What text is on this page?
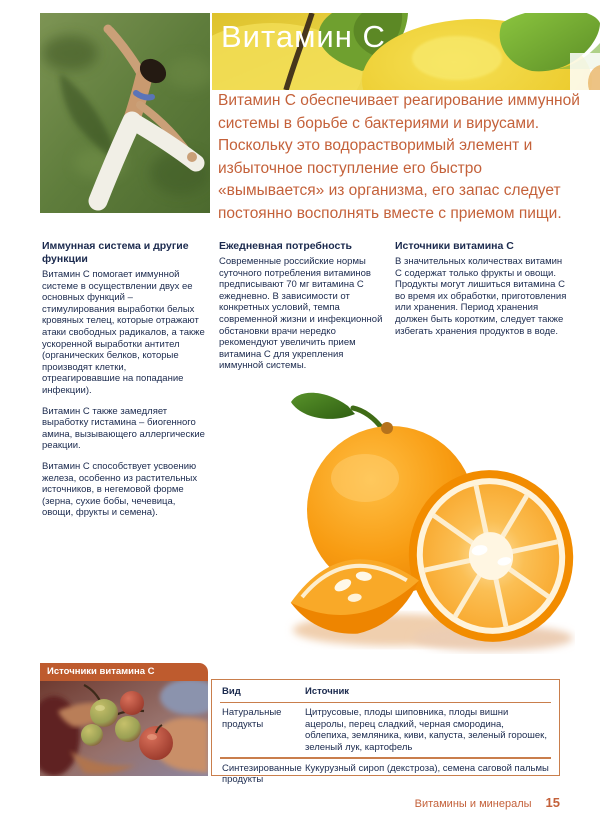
Витамин С

Витамин С обеспечивает реагирование иммунной системы в борьбе с бактериями и вирусами. Поскольку это водорастворимый элемент и избыточное поступление его быстро «вымывается» из организма, его запас следует постоянно восполнять вместе с приемом пищи.

Иммунная система и другие функции

Витамин С помогает иммунной системе в осуществлении двух ее основных функций – стимулирования выработки белых кровяных телец, которые отражают атаки свободных радикалов, а также ускоренной выработки антител (органических белков, которые производят клетки, отреагировавшие на попадание инфекции).

Витамин С также замедляет выработку гистамина – биогенного амина, вызывающего аллергические реакции.

Витамин С способствует усвоению железа, особенно из растительных источников, в негемовой форме (зерна, сухие бобы, чечевица, овощи, фрукты и семена).

Ежедневная потребность

Современные российские нормы суточного потребления витаминов предписывают 70 мг витамина С ежедневно. В зависимости от конкретных условий, темпа современной жизни и инфекционной обстановки врачи нередко рекомендуют увеличить прием витамина С для укрепления иммунной системы.

Источники витамина С

В значительных количествах витамин С содержат только фрукты и овощи. Продукты могут лишиться витамина С во время их обработки, приготовления или хранения. Период хранения должен быть коротким, следует также избегать хранения продуктов в воде.

Источники витамина С
Вид	Источник
Натуральные продукты
Цитрусовые, плоды шиповника, плоды вишни ацеролы, перец сладкий, черная смородина, облепиха, земляника, киви, капуста, зеленый горошек, зеленый лук, картофель
Синтезированные продукты
Кукурузный сироп (декстроза), семена саговой пальмы
Витамины и минералы 15
